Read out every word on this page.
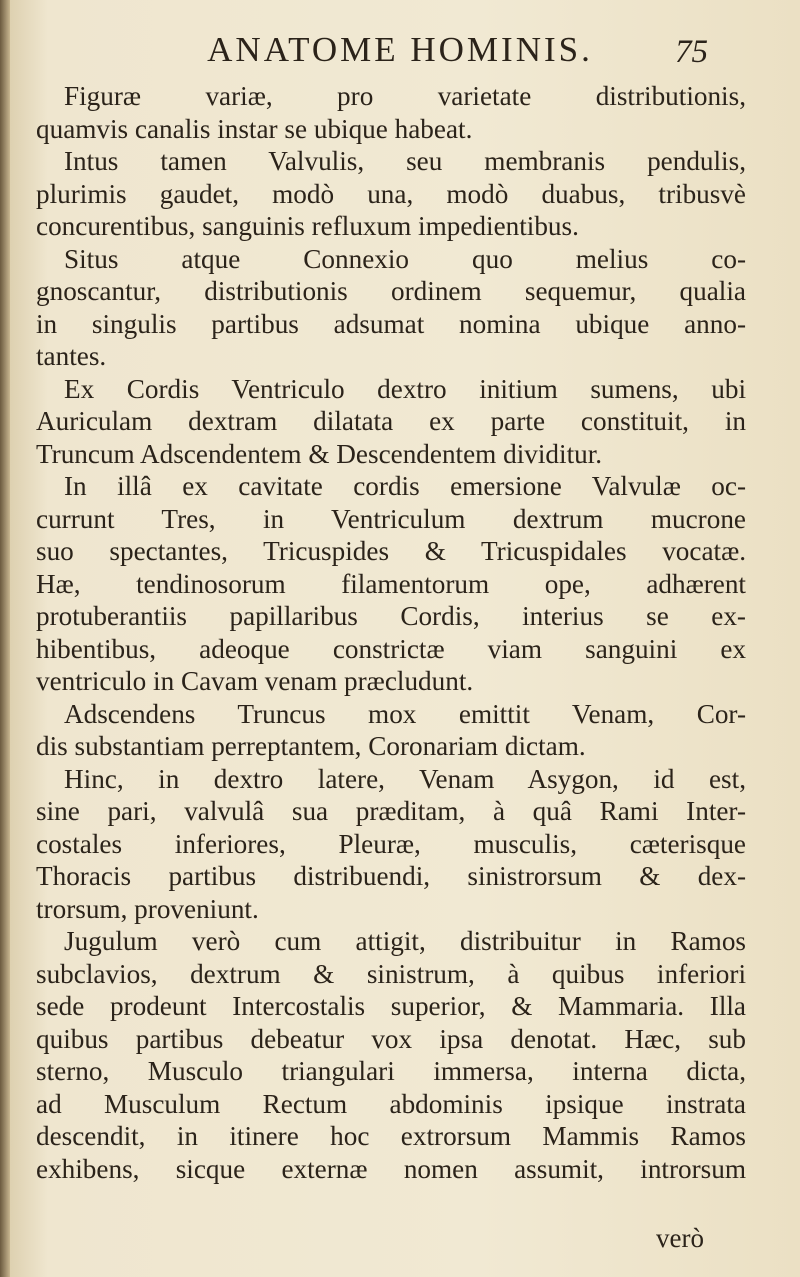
ANATOME HOMINIS.	75
Figuræ variæ, pro varietate distributionis,
quamvis canalis instar se ubique habeat.
Intus tamen Valvulis, seu membranis pendulis,
plurimis gaudet, modò una, modò duabus, tribusvè
concurentibus, sanguinis refluxum impedientibus.
Situs atque Connexio quo melius co-
gnoscantur, distributionis ordinem sequemur, qualia
in singulis partibus adsumat nomina ubique anno-
tantes.
Ex Cordis Ventriculo dextro initium sumens, ubi
Auriculam dextram dilatata ex parte constituit, in
Truncum Adscendentem & Descendentem dividitur.
In illâ ex cavitate cordis emersione Valvulæ oc-
currunt Tres, in Ventriculum dextrum mucrone
suo spectantes, Tricuspides & Tricuspidales vocatæ.
Hæ, tendinosorum filamentorum ope, adhærent
protuberantiis papillaribus Cordis, interius se ex-
hibentibus, adeoque constrictæ viam sanguini ex
ventriculo in Cavam venam præcludunt.
Adscendens Truncus mox emittit Venam, Cor-
dis substantiam perreptantem, Coronariam dictam.
Hinc, in dextro latere, Venam Asygon, id est,
sine pari, valvulâ sua præditam, à quâ Rami Inter-
costales inferiores, Pleuræ, musculis, cæterisque
Thoracis partibus distribuendi, sinistrorsum & dex-
trorsum, proveniunt.
Jugulum verò cum attigit, distribuitur in Ramos
subclavios, dextrum & sinistrum, à quibus inferiori
sede prodeunt Intercostalis superior, & Mammaria. Illa
quibus partibus debeatur vox ipsa denotat. Hæc, sub
sterno, Musculo triangulari immersa, interna dicta,
ad Musculum Rectum abdominis ipsique instrata
descendit, in itinere hoc extrorsum Mammis Ramos
exhibens, sicque externæ nomen assumit, introrsum
verò
